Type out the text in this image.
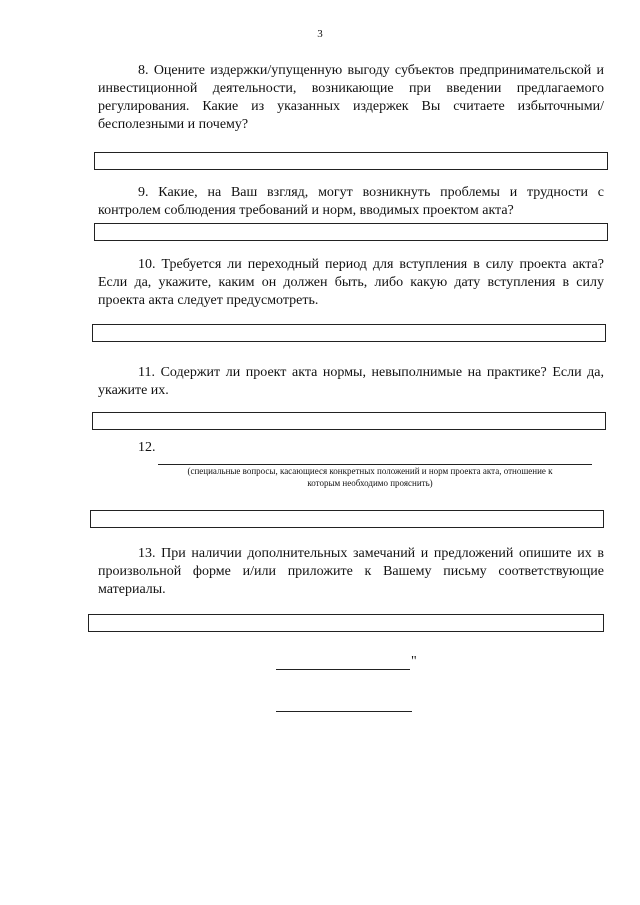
3

8. Оцените издержки/упущенную выгоду субъектов предпринимательской и инвестиционной деятельности, возникающие при введении предлагаемого регулирования. Какие из указанных издержек Вы считаете избыточными/бесполезными и почему?

9. Какие, на Ваш взгляд, могут возникнуть проблемы и трудности с контролем соблюдения требований и норм, вводимых проектом акта?

10. Требуется ли переходный период для вступления в силу проекта акта? Если да, укажите, каким он должен быть, либо какую дату вступления в силу проекта акта следует предусмотреть.

11. Содержит ли проект акта нормы, невыполнимые на практике? Если да, укажите их.

12.
(специальные вопросы, касающиеся конкретных положений и норм проекта акта, отношение к которым необходимо прояснить)

13. При наличии дополнительных замечаний и предложений опишите их в произвольной форме и/или приложите к Вашему письму соответствующие материалы.

"
